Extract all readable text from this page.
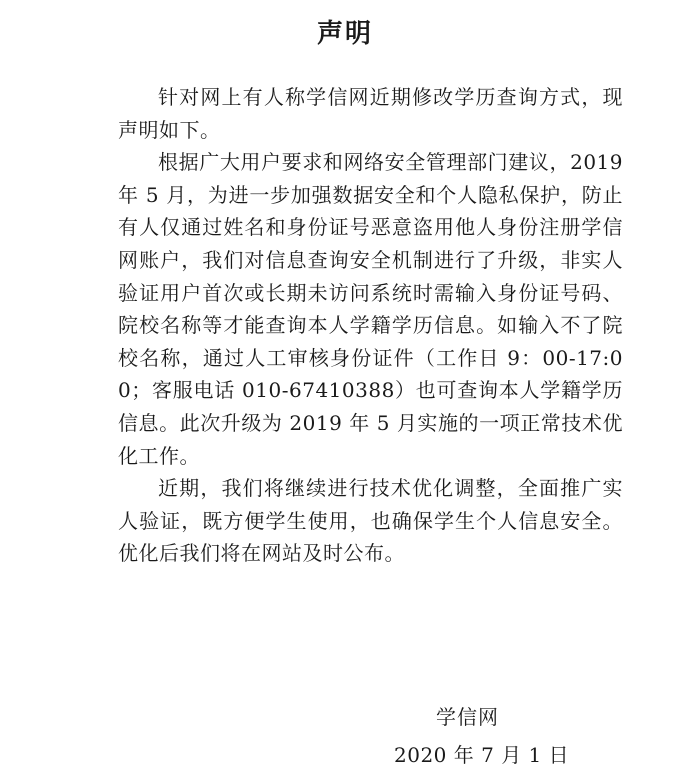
声明

针对网上有人称学信网近期修改学历查询方式，现声明如下。

根据广大用户要求和网络安全管理部门建议，2019 年 5 月，为进一步加强数据安全和个人隐私保护，防止有人仅通过姓名和身份证号恶意盗用他人身份注册学信网账户，我们对信息查询安全机制进行了升级，非实人验证用户首次或长期未访问系统时需输入身份证号码、院校名称等才能查询本人学籍学历信息。如输入不了院校名称，通过人工审核身份证件（工作日 9：00-17:00；客服电话 010-67410388）也可查询本人学籍学历信息。此次升级为 2019 年 5 月实施的一项正常技术优化工作。

近期，我们将继续进行技术优化调整，全面推广实人验证，既方便学生使用，也确保学生个人信息安全。优化后我们将在网站及时公布。

学信网
2020 年 7 月 1 日
